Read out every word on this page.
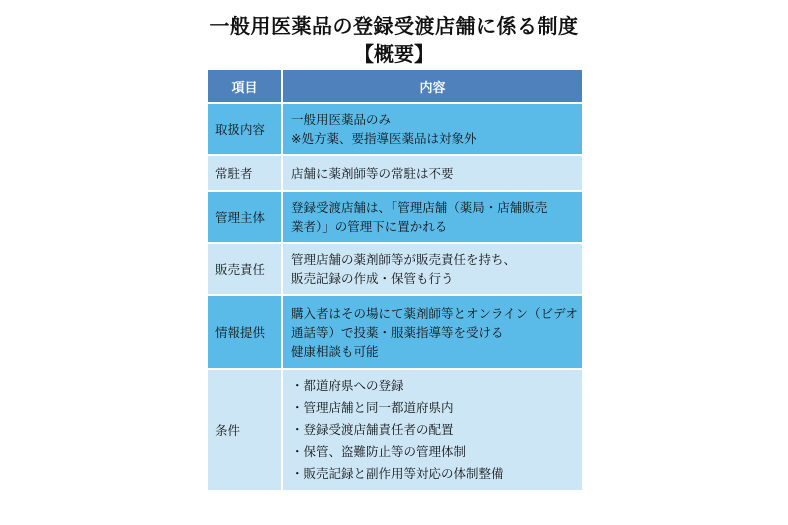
一般用医薬品の登録受渡店舗に係る制度
【概要】
項目	内容
取扱内容	一般用医薬品のみ
※処方薬、要指導医薬品は対象外

常駐者	店舗に薬剤師等の常駐は不要

管理主体	登録受渡店舗は、「管理店舗（薬局・店舗販売
業者）」の管理下に置かれる

販売責任	管理店舗の薬剤師等が販売責任を持ち、
販売記録の作成・保管も行う

情報提供	購入者はその場にて薬剤師等とオンライン（ビデオ
通話等）で投薬・服薬指導等を受ける
健康相談も可能

条件	・都道府県への登録
・管理店舗と同一都道府県内
・登録受渡店舗責任者の配置
・保管、盗難防止等の管理体制
・販売記録と副作用等対応の体制整備
